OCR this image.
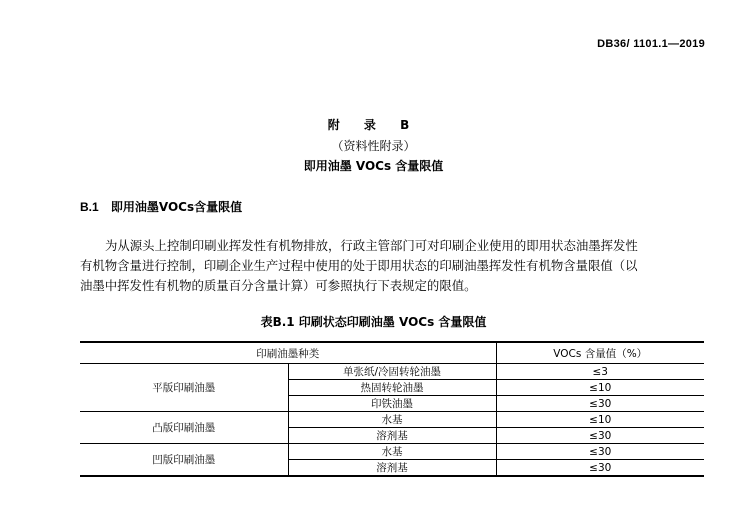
DB36/ 1101.1—2019
附 录 B
（资料性附录）
即用油墨 VOCs 含量限值
B.1 即用油墨VOCs含量限值
为从源头上控制印刷业挥发性有机物排放，行政主管部门可对印刷企业使用的即用状态油墨挥发性
有机物含量进行控制，印刷企业生产过程中使用的处于即用状态的印刷油墨挥发性有机物含量限值（以
油墨中挥发性有机物的质量百分含量计算）可参照执行下表规定的限值。
表B.1 印刷状态印刷油墨 VOCs 含量限值
印刷油墨种类		VOCs 含量值（%）
平版印刷油墨	单张纸/冷固转轮油墨	≤3
	热固转轮油墨	≤10
	印铁油墨	≤30
凸版印刷油墨	水基	≤10
	溶剂基	≤30
凹版印刷油墨	水基	≤30
	溶剂基	≤30
